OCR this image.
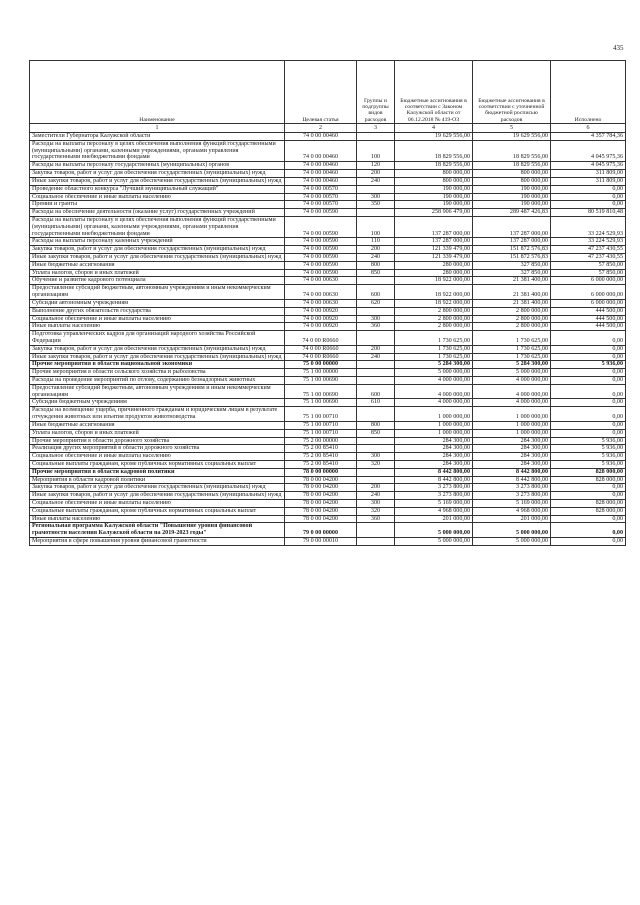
435
Наименование	Целевая статья	Группы и подгруппы видов расходов	Бюджетные ассигнования в соответствии с Законом Калужской области от 06.12.2018 № 419-ОЗ	Бюджетные ассигнования в соответствии с уточненной бюджетной росписью расходов	Исполнено
1	2	3	4	5	6
Заместители Губернатора Калужской области	74 0 00 00460		19 629 556,00	19 629 556,00	4 357 784,36
Расходы на выплаты персоналу в целях обеспечения выполнения функций государственными (муниципальными) органами, казенными учреждениями, органами управления государственными внебюджетными фондами	74 0 00 00460	100	18 829 556,00	18 829 556,00	4 045 975,36
Расходы на выплаты персоналу государственных (муниципальных) органов	74 0 00 00460	120	18 829 556,00	18 829 556,00	4 045 975,36
Закупка товаров, работ и услуг для обеспечения государственных (муниципальных) нужд	74 0 00 00460	200	800 000,00	800 000,00	311 809,00
Иные закупки товаров, работ и услуг для обеспечения государственных (муниципальных) нужд	74 0 00 00460	240	800 000,00	800 000,00	311 809,00
Проведение областного конкурса "Лучший муниципальный служащий"	74 0 00 00570		190 000,00	190 000,00	0,00
Социальное обеспечение и иные выплаты населению	74 0 00 00570	300	190 000,00	190 000,00	0,00
Премии и гранты	74 0 00 00570	350	190 000,00	190 000,00	0,00
Расходы на обеспечение деятельности (оказание услуг) государственных учреждений	74 0 00 00590		258 906 479,00	289 487 426,83	80 519 810,48
Расходы на выплаты персоналу в целях обеспечения выполнения функций государственными (муниципальными) органами, казенными учреждениями, органами управления государственными внебюджетными фондами	74 0 00 00590	100	137 287 000,00	137 287 000,00	33 224 529,93
Расходы на выплаты персоналу казенных учреждений	74 0 00 00590	110	137 287 000,00	137 287 000,00	33 224 529,93
Закупка товаров, работ и услуг для обеспечения государственных (муниципальных) нужд	74 0 00 00590	200	121 339 479,00	151 872 576,83	47 237 430,55
Иные закупки товаров, работ и услуг для обеспечения государственных (муниципальных) нужд	74 0 00 00590	240	121 339 479,00	151 872 576,83	47 237 430,55
Иные бюджетные ассигнования	74 0 00 00590	800	280 000,00	327 850,00	57 850,00
Уплата налогов, сборов и иных платежей	74 0 00 00590	850	280 000,00	327 850,00	57 850,00
Обучение и развитие кадрового потенциала	74 0 00 00630		18 922 000,00	21 381 400,00	6 000 000,00
Предоставление субсидий бюджетным, автономным учреждениям и иным некоммерческим организациям	74 0 00 00630	600	18 922 000,00	21 381 400,00	6 000 000,00
Субсидии автономным учреждениям	74 0 00 00630	620	18 922 000,00	21 381 400,00	6 000 000,00
Выполнение других обязательств государства	74 0 00 00920		2 800 000,00	2 800 000,00	444 500,00
Социальное обеспечение и иные выплаты населению	74 0 00 00920	300	2 800 000,00	2 800 000,00	444 500,00
Иные выплаты населению	74 0 00 00920	360	2 800 000,00	2 800 000,00	444 500,00
Подготовка управленческих кадров для организаций народного хозяйства Российской Федерации	74 0 00 R0660		1 730 625,00	1 730 625,00	0,00
Закупка товаров, работ и услуг для обеспечения государственных (муниципальных) нужд	74 0 00 R0660	200	1 730 625,00	1 730 625,00	0,00
Иные закупки товаров, работ и услуг для обеспечения государственных (муниципальных) нужд	74 0 00 R0660	240	1 730 625,00	1 730 625,00	0,00
Прочие мероприятия в области национальной экономики	75 0 00 00000		5 284 300,00	5 284 300,00	5 936,00
Прочие мероприятия в области сельского хозяйства и рыболовства	75 1 00 00000		5 000 000,00	5 000 000,00	0,00
Расходы на проведение мероприятий по отлову, содержанию безнадзорных животных	75 1 00 00690		4 000 000,00	4 000 000,00	0,00
Предоставление субсидий бюджетным, автономным учреждениям и иным некоммерческим организациям	75 1 00 00690	600	4 000 000,00	4 000 000,00	0,00
Субсидии бюджетным учреждениям	75 1 00 00690	610	4 000 000,00	4 000 000,00	0,00
Расходы на возмещение ущерба, причиненного гражданам и юридическим лицам в результате отчуждения животных или изъятия продуктов животноводства	75 1 00 00710		1 000 000,00	1 000 000,00	0,00
Иные бюджетные ассигнования	75 1 00 00710	800	1 000 000,00	1 000 000,00	0,00
Уплата налогов, сборов и иных платежей	75 1 00 00710	850	1 000 000,00	1 000 000,00	0,00
Прочие мероприятия в области дорожного хозяйства	75 2 00 00000		284 300,00	284 300,00	5 936,00
Реализация других мероприятий в области дорожного хозяйства	75 2 00 85410		284 300,00	284 300,00	5 936,00
Социальное обеспечение и иные выплаты населению	75 2 00 85410	300	284 300,00	284 300,00	5 936,00
Социальные выплаты гражданам, кроме публичных нормативных социальных выплат	75 2 00 85410	320	284 300,00	284 300,00	5 936,00
Прочие мероприятия в области кадровой политики	78 0 00 00000		8 442 800,00	8 442 800,00	828 000,00
Мероприятия в области кадровой политики	78 0 00 04200		8 442 800,00	8 442 800,00	828 000,00
Закупка товаров, работ и услуг для обеспечения государственных (муниципальных) нужд	78 0 00 04200	200	3 273 800,00	3 273 800,00	0,00
Иные закупки товаров, работ и услуг для обеспечения государственных (муниципальных) нужд	78 0 00 04200	240	3 273 800,00	3 273 800,00	0,00
Социальное обеспечение и иные выплаты населению	78 0 00 04200	300	5 169 000,00	5 169 000,00	828 000,00
Социальные выплаты гражданам, кроме публичных нормативных социальных выплат	78 0 00 04200	320	4 968 000,00	4 968 000,00	828 000,00
Иные выплаты населению	78 0 00 04200	360	201 000,00	201 000,00	0,00
Региональная программа Калужской области "Повышение уровня финансовой грамотности населения Калужской области на 2019-2023 годы"	79 0 00 00000		5 000 000,00	5 000 000,00	0,00
Мероприятия в сфере повышения уровня финансовой грамотности	79 0 00 00010		5 000 000,00	5 000 000,00	0,00
